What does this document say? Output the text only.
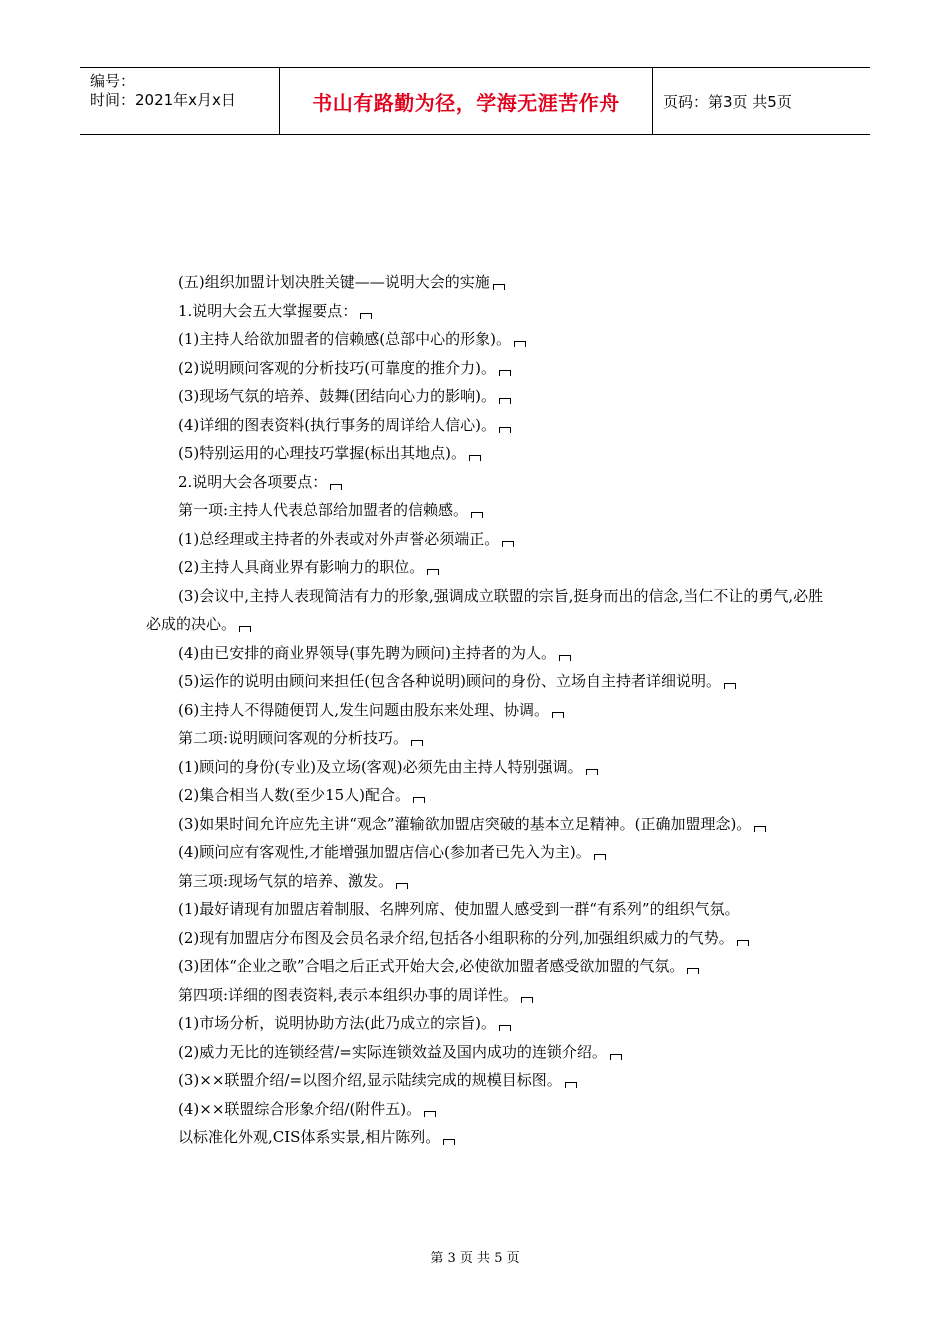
编号：
时间：2021年x月x日	书山有路勤为径，学海无涯苦作舟	页码：第3页 共5页

(五)组织加盟计划决胜关键——说明大会的实施

1.说明大会五大掌握要点：

(1)主持人给欲加盟者的信赖感(总部中心的形象)。

(2)说明顾问客观的分析技巧(可靠度的推介力)。

(3)现场气氛的培养、鼓舞(团结向心力的影响)。

(4)详细的图表资料(执行事务的周详给人信心)。

(5)特别运用的心理技巧掌握(标出其地点)。

2.说明大会各项要点：

第一项:主持人代表总部给加盟者的信赖感。

(1)总经理或主持者的外表或对外声誉必须端正。

(2)主持人具商业界有影响力的职位。

(3)会议中,主持人表现简洁有力的形象,强调成立联盟的宗旨,挺身而出的信念,当仁不让的勇气,必胜必成的决心。

(4)由已安排的商业界领导(事先聘为顾问)主持者的为人。

(5)运作的说明由顾问来担任(包含各种说明)顾问的身份、立场自主持者详细说明。

(6)主持人不得随便罚人,发生问题由股东来处理、协调。

第二项:说明顾问客观的分析技巧。

(1)顾问的身份(专业)及立场(客观)必须先由主持人特别强调。

(2)集合相当人数(至少15人)配合。

(3)如果时间允许应先主讲“观念”灌输欲加盟店突破的基本立足精神。(正确加盟理念)。

(4)顾问应有客观性,才能增强加盟店信心(参加者已先入为主)。

第三项:现场气氛的培养、激发。

(1)最好请现有加盟店着制服、名牌列席、使加盟人感受到一群“有系列”的组织气氛。

(2)现有加盟店分布图及会员名录介绍,包括各小组职称的分列,加强组织威力的气势。

(3)团体“企业之歌”合唱之后正式开始大会,必使欲加盟者感受欲加盟的气氛。

第四项:详细的图表资料,表示本组织办事的周详性。

(1)市场分析，说明协助方法(此乃成立的宗旨)。

(2)威力无比的连锁经营/=实际连锁效益及国内成功的连锁介绍。

(3)××联盟介绍/=以图介绍,显示陆续完成的规模目标图。

(4)××联盟综合形象介绍/(附件五)。

以标准化外观,CIS体系实景,相片陈列。

第 3 页 共 5 页
